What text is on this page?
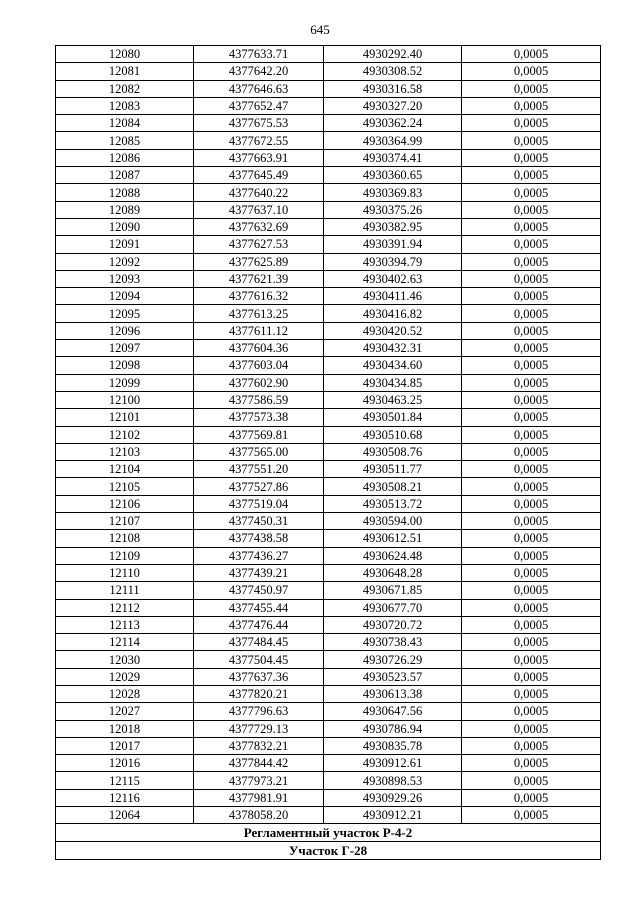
645
12080	4377633.71	4930292.40	0,0005
12081	4377642.20	4930308.52	0,0005
12082	4377646.63	4930316.58	0,0005
12083	4377652.47	4930327.20	0,0005
12084	4377675.53	4930362.24	0,0005
12085	4377672.55	4930364.99	0,0005
12086	4377663.91	4930374.41	0,0005
12087	4377645.49	4930360.65	0,0005
12088	4377640.22	4930369.83	0,0005
12089	4377637.10	4930375.26	0,0005
12090	4377632.69	4930382.95	0,0005
12091	4377627.53	4930391.94	0,0005
12092	4377625.89	4930394.79	0,0005
12093	4377621.39	4930402.63	0,0005
12094	4377616.32	4930411.46	0,0005
12095	4377613.25	4930416.82	0,0005
12096	4377611.12	4930420.52	0,0005
12097	4377604.36	4930432.31	0,0005
12098	4377603.04	4930434.60	0,0005
12099	4377602.90	4930434.85	0,0005
12100	4377586.59	4930463.25	0,0005
12101	4377573.38	4930501.84	0,0005
12102	4377569.81	4930510.68	0,0005
12103	4377565.00	4930508.76	0,0005
12104	4377551.20	4930511.77	0,0005
12105	4377527.86	4930508.21	0,0005
12106	4377519.04	4930513.72	0,0005
12107	4377450.31	4930594.00	0,0005
12108	4377438.58	4930612.51	0,0005
12109	4377436.27	4930624.48	0,0005
12110	4377439.21	4930648.28	0,0005
12111	4377450.97	4930671.85	0,0005
12112	4377455.44	4930677.70	0,0005
12113	4377476.44	4930720.72	0,0005
12114	4377484.45	4930738.43	0,0005
12030	4377504.45	4930726.29	0,0005
12029	4377637.36	4930523.57	0,0005
12028	4377820.21	4930613.38	0,0005
12027	4377796.63	4930647.56	0,0005
12018	4377729.13	4930786.94	0,0005
12017	4377832.21	4930835.78	0,0005
12016	4377844.42	4930912.61	0,0005
12115	4377973.21	4930898.53	0,0005
12116	4377981.91	4930929.26	0,0005
12064	4378058.20	4930912.21	0,0005
Регламентный участок Р-4-2			
Участок Г-28			
